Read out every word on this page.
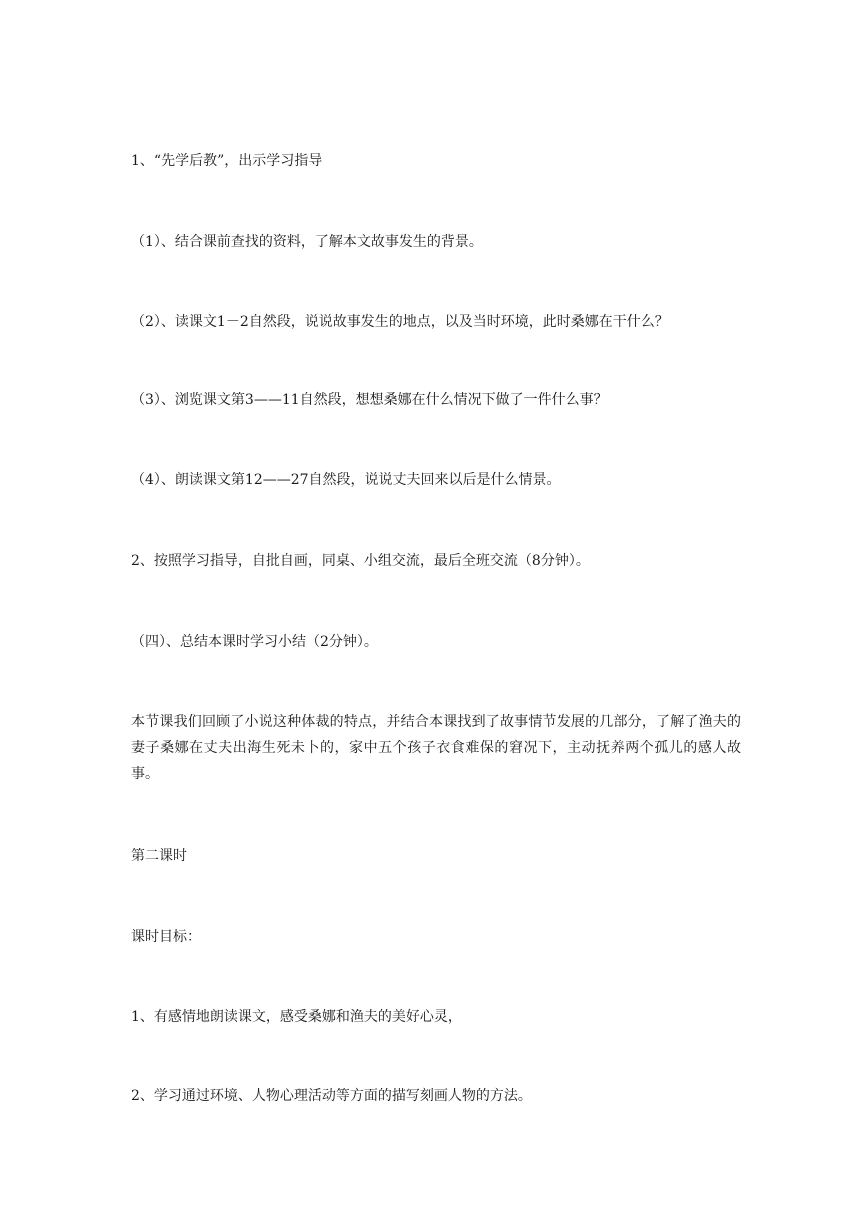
1、“先学后教”，出示学习指导
（1）、结合课前查找的资料，了解本文故事发生的背景。
（2）、读课文1－2自然段，说说故事发生的地点，以及当时环境，此时桑娜在干什么？
（3）、浏览课文第3——11自然段，想想桑娜在什么情况下做了一件什么事？
（4）、朗读课文第12——27自然段，说说丈夫回来以后是什么情景。
2、按照学习指导，自批自画，同桌、小组交流，最后全班交流（8分钟）。
（四）、总结本课时学习小结（2分钟）。
本节课我们回顾了小说这种体裁的特点，并结合本课找到了故事情节发展的几部分，了解了渔夫的妻子桑娜在丈夫出海生死未卜的，家中五个孩子衣食难保的窘况下，主动抚养两个孤儿的感人故事。
第二课时
课时目标：
1、有感情地朗读课文，感受桑娜和渔夫的美好心灵，
2、学习通过环境、人物心理活动等方面的描写刻画人物的方法。
